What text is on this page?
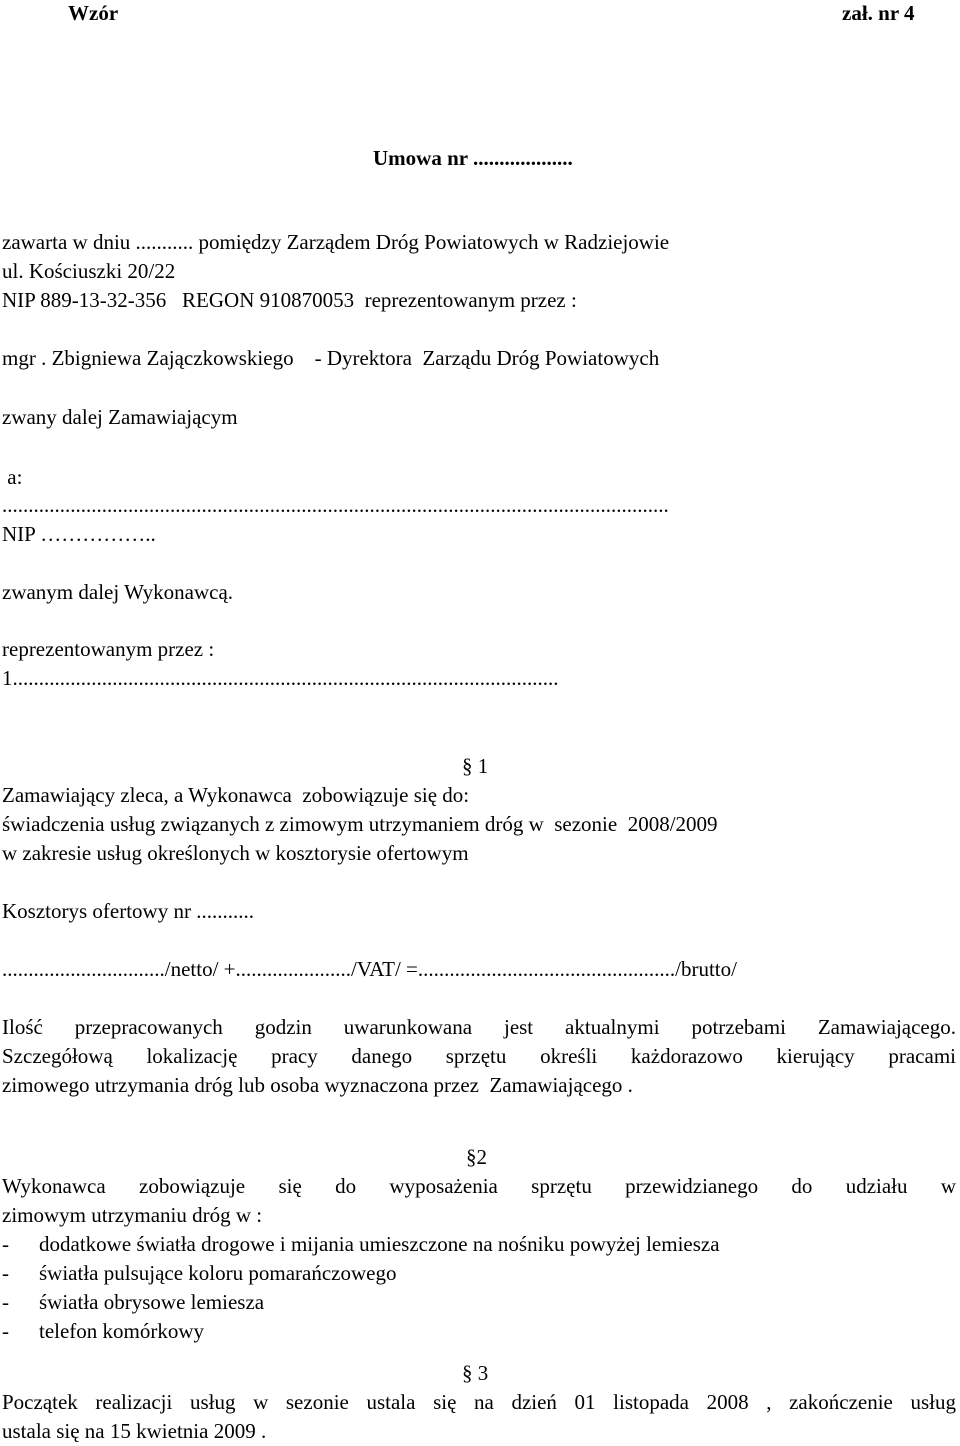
Wzór	zał. nr 4
Umowa nr ...................
zawarta w dniu ........... pomiędzy Zarządem Dróg Powiatowych w Radziejowie
ul. Kościuszki 20/22
NIP 889-13-32-356   REGON 910870053  reprezentowanym przez :
mgr . Zbigniewa Zajączkowskiego    - Dyrektora  Zarządu Dróg Powiatowych
zwany dalej Zamawiającym
a:
...............................................................................................................................
NIP ……………..
zwanym dalej Wykonawcą.
reprezentowanym przez :
1........................................................................................................
§ 1
Zamawiający zleca, a Wykonawca  zobowiązuje się do:
świadczenia usług związanych z zimowym utrzymaniem dróg w  sezonie  2008/2009
w zakresie usług określonych w kosztorysie ofertowym
Kosztorys ofertowy nr ...........
.............................../netto/ +....................../VAT/ =................................................./brutto/
Ilość przepracowanych godzin uwarunkowana jest aktualnymi potrzebami Zamawiającego.
Szczegółową lokalizację pracy danego sprzętu określi każdorazowo kierujący pracami
zimowego utrzymania dróg lub osoba wyznaczona przez  Zamawiającego .
§2
Wykonawca zobowiązuje się do wyposażenia sprzętu przewidzianego do udziału w
zimowym utrzymaniu dróg w :
- dodatkowe światła drogowe i mijania umieszczone na nośniku powyżej lemiesza
- światła pulsujące koloru pomarańczowego
- światła obrysowe lemiesza
- telefon komórkowy
§ 3
Początek realizacji usług w sezonie ustala się na dzień 01 listopada 2008 , zakończenie usług
ustala się na 15 kwietnia 2009 .
